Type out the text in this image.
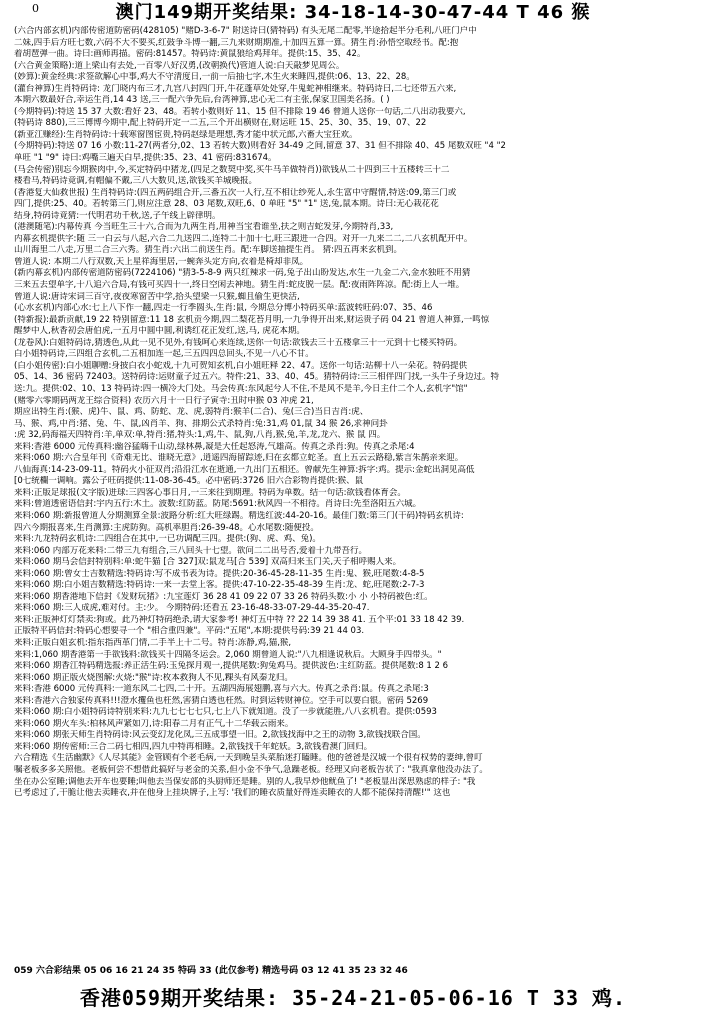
0	澳门149期开奖结果: 34-18-14-30-47-44 T 46 猴
(六合内部玄机)内部传密道防密码(428105) "赌D-3-6-7" 附送诗曰(猜特码) 有头无尾二配零,半途拾起半分毛利,八旺门户中
二妹,四手后方旺七数,六码不大不要买,红鼓争斗博一翻,三九来财期期准,十加四五算一算。猜生肖:孙悟空取经书。配:抱
着胡琶弹一曲。诗曰:画师再描。密码:81457。特码诗:黄鼠狼给鸡拜年。提供:15、35、42。
(六合黄金策略):道上梁山有去处,一百零八好汉勇,(改朝换代)管道人说:白天敲梦见周公。
(妙算):黄金经典:求签欲解心中事,鸡大不守清度日,一前一后抽七字,木生火来睡四,提供:06、13、22、28。
(灌台神算)生肖特码诗: 龙门晓内布三才,九宫八封四门开,牛花蓬草处处穿,牛鬼蛇神相继来。特码诗曰,二七还带五六来,
本期六数最好合,幸运生肖,14 43 送,三一配六争先后,台湾神算,忠心无二有主张,保家卫国美名扬。( )
(今期特码):特送 15 37 大数:看好 23、48。若转小数则好 11、15 但不排除 19 46 曾道人送你一句话,二八出动我要六,
(特码诗 880),三三博博今期中,配上特码开定一二五,三个开出横财在,财运旺 15、25、30、35、19、07、22
(新亚江赚经):生肖特码诗:十载寒窗图宦贵,特码赵绿是理想,秀才能中状元郎,六畜大宝狂欢。
(今期特码):特送 07 16 小数:11-27(两者分,02、13 若转大数)则看好 34-49 之间,留意 37、31 但不排除 40、45 尾数双旺 "4 "2
单旺 "1 "9" 诗曰:鸡嘴三遍天白早,提供:35、23、41 密码:831674。
(马会传密)别忘今期猴肉中,今,买定特码中猪龙,(四足之数契中奖,买牛马羊做特肖))欲钱从二十四到三十五楼转三十二
楼看马,特码诗竟调,有帽偏不戴,三八大数贝,送,欲钱买羊城晚报。
(香港复大仙救世报) 生肖特码诗:(四五两码组合开,三番五次一人行,互不相让纱死人,永生富中守醒情,特送:09,第三门或
四门,提供:25、40。若转第三门,则应注意 28、03 尾数,双旺,6、0 单旺 "5" "1" 送,兔,鼠本期。诗曰:无心栽花花
结身,特码诗竟猜:一代明君功千秋,送,子午线上辟律明。
(港澳随笔):内幕传真 今当旺生三十六,合而为九两生肖,用神当宝看谁坐,扶之则吉蛇发芽,今期特肖,33,
内幕玄机提供字:随 三一白云与八起,六合二九送四二,连特二十加十七,旺三跟进一合四。对开一九来二二,二八玄机配开中。
山川海里二八走,万里二合三六秀。猜生肖:六出二前送生肖。配:车脚送抽提生肖。 猜:四五再来玄机到。
曾道人说: 本期二八行双数,天上星祥海里居,一蜿奔头定方向,衣着是椅却非凤。
(新内幕玄机)内部传密道防密码(7224106) "猜3-5-8-9 两只红辣求一码,兔子出山盼发达,水生一九金二六,金水独旺不用猜
三来五去望单字,十八追六合局,有钱可买四十一,终日空闲去神地。猜生肖:蛇皮脱一层。配:夜雨阵阵凉。配:街上人一堆。
曾道人说:唐诗宋词三百守,夜夜寒窗苦中学,拾头望梁一只猴,蜘且偷生更快活,
(心水玄机)内部心水:七上八下作一翻,四走一行季圆头,生肖:鼠, 今期总分博小特码买单:蓝波转旺码:07、35、46
(特新报):最新贡献,19 22 特别留意:11 18 玄机贡今期,四二梨花苔月明,一九争得开出来,财运贵子码 04 21 曾道人神算,一鸣惊
醒梦中人,秋香初会唐伯虎,一五月中圆中圆,利诱红花正发红,送,马, 虎花本期。
(龙卷风):白姐特码诗,猜透色,从此一见不见外,有钱呵心来连续,送你一句话:欲钱去三十五楼拿三十一元到十七楼买特码。
白小姐特码诗,三四组合玄机,二五相加连一起,三五四四总回头,不见一八心不甘。
(白小姐传密):白小姐聊赠:身披白衣小蛇戏,十九可贺知玄机,白小姐旺释 22、47。送你一句话:站柳十八一朵花。特码提供
05、14、36 密码 72403。送特码诗:运财童子过五六。特件:21、33、40、45。猜特码诗:三三相伴四门找,一头牛子身边过。特
送:九。提供:02、10、13 特码诗:四一横冷大门处。马会传真:东风起兮人不住,不是风不是羊,今日主什二个人,玄机字"馆"
(赌零六零期码两龙王综合资料) 农历六月十一日行子寅寺:丑时申猴 03 冲虎 21,
期应出特生肖:(猴、虎)牛、鼠、鸡、防蛇、龙、虎,弱特肖:猴羊(二合)、兔(三合)当日吉肖:虎、
马、猴、鸡,中肖:猪、兔、牛、鼠,凶肖羊、狗、排期公式杀特肖:兔:31,鸡 01,鼠 34 猴 26,求神问卦
:虎 32,码海福天四特肖:羊,单双:单,特肖:猪,特头:1,鸡,牛、鼠,狗,八肖,猴,兔,羊,龙,龙六、猴 鼠 四。
来料:香港 6000 元传真料:幽谷猛嗨千山动,绿林鼻,凝是大任起怒涛,气雄高。传真之杀肖:狗。传真之杀尾:4
来料:060 期:六合皇年刊《奇难无比、谁晓无意》,逍遥四海留踪迹,归在玄都立蛇圣。直上五云云路稳,紫言朱鹊亲来迎。
八仙海真:14-23-09-11。特码火小征双肖;沿沿江水在逝通,一九出门五相还。曾献先生神算:拆字:鸡。提示:金蛇出洞见高低
[0七统欄一调响。露公子旺码提供:11-08-36-45。必中密码:3726 旧六合彩物肖提供:猴、鼠
来料:正版足球报(文字版)进球:三四客心事日月,一三来往到期理。特码为单数。结一句话:欲钱看体育会。
来料:曾道透密语信封:宇内五行:木土。波数:红防蓝。防尾:5691:秋风四一不相待。肖诗曰:先至洛阳五六城。
来料:060 期:新报曾道人分期测算全景:波路分析:红大旺绿踢。精选红波:44-20-16。最佳门数:第三门(干码)特码玄机诗:
四六今期报喜来,生肖测算:主虎防狗。高机率胆肖:26-39-48。心水尾数:随便投。
来料:九龙特码玄机诗:二四组合在其中,一已功调配三四。提供:(狗、虎、鸡、兔)。
来料:060 内部万花来料:二带三九有组合,三八回头十七望。欲问二二出号否,爱着十九带吾行。
来料:060 期马会信封特别料:单:蛇牛猫 [合 327]双:鼠龙马[合 539] 双高归来玉门关,天子相呼赐人来。
来料:060 期:曾女士吉数精选:特码诗:写不成书表为诗。提供:20-36-45-28-11-35 生肖:鬼、猴,旺尾数:4-8-5
来料:060 期:白小姐吉数精选:特码诗:一来一去堂上客。提供:47-10-22-35-48-39 生肖:龙、蛇,旺尾数:2-7-3
来料:060 期香港地下信封《发财玩猪》:九宝莲灯 36 28 41 09 22 07 33 26 特码头数:小 小 小特码被色:红。
来料:060 期:三人成虎,难对付。主:少。 今期特码:还看五 23-16-48-33-07-29-44-35-20-47.
来料:正版神灯灯禁卖:狗或。此乃神灯特码绝杀,请大家参考! 神灯五中特 ?? 22 14 39 38 41. 五个平:01 33 18 42 39.
正版特平码信封:特码心想要寻一个 "相合重四兼"。平码:"五尾",本期:提供号码:39 21 44 03.
来料:正版白姐玄机:指东指西革门情,二手半上十二号。特肖:冻静,鸡,猫,猴,
来料:1,060 期香港第一手欲钱料:欲钱买十四隔冬运会。2,060 期曾道人说:"八九相逢说秋后。大顾身手四带头。"
来料:060 期香江特码精选报:养正活生码:玉兔探月观一,提供尾数:狗兔鸡马。提供波色:主红防蓝。提供尾数:8 1 2 6
来料:060 期正版火烧图解:火烧:"猴"诗:枚本救狗人不见,粿头有风秦龙归。
来料:香港 6000 元传真料:一道东风二七四,二十开。五湖四海展翅鹏,喜与六大。传真之杀肖:鼠。传真之杀尾:3
来料:香港六合独家传真料!!!澄水攫鱼也枉然,害猜白透也枉然。时到运转财神位。空手可以要白银。密码 5269
来料:060 期:白小姐特码诗特别来料:九九七七七七只,七上八下就知道。没了一步就能胜,八八玄机看。提供:0593
来料:060 期火车头:柏林风声紧如刀,诗:阳春二月有正气,十二华载云雨来。
来料:060 期张天师生肖特码诗:风云变幻龙化凤,三五成事望一旧。2,欲钱找海中之王的动物 3,欲钱找联合国。
来料:060 期传密师:三合二码七相四,四九中特再相睡。2,欲钱找千年蛇妖。3,欲钱看澳门回归。
六合精选《生活幽默》《人尽其能》金管顾有个老毛病,一天到晚呈头菜胎迷打瞌睡。他的爸爸是汉城一个很有权势的妻绅,曾叮
嘱老板多多关照他。老板何尝不想借此搞好与老金的关系,但小金不争气,急躁老板。经理又向老板告状了: "我真拿他没办法了。
坐在办公室睡;调他去开车也要睡;叫他去当保安部的头厨师还是睡。别的人,我早炒他鱿鱼了! "老板显出深思熟虑的样子: "我
已考虑过了,干脆让他去卖睡衣,并在他身上挂块牌子,上写: '我们的睡衣质量好得连卖睡衣的人都不能保持清醒!'" 这也
059 六合彩结果 05 06 16 21 24 35 特码 33 (此仅参考) 精选号码 03 12 41 35 23 32 46
香港059期开奖结果: 35-24-21-05-06-16 T 33 鸡.
